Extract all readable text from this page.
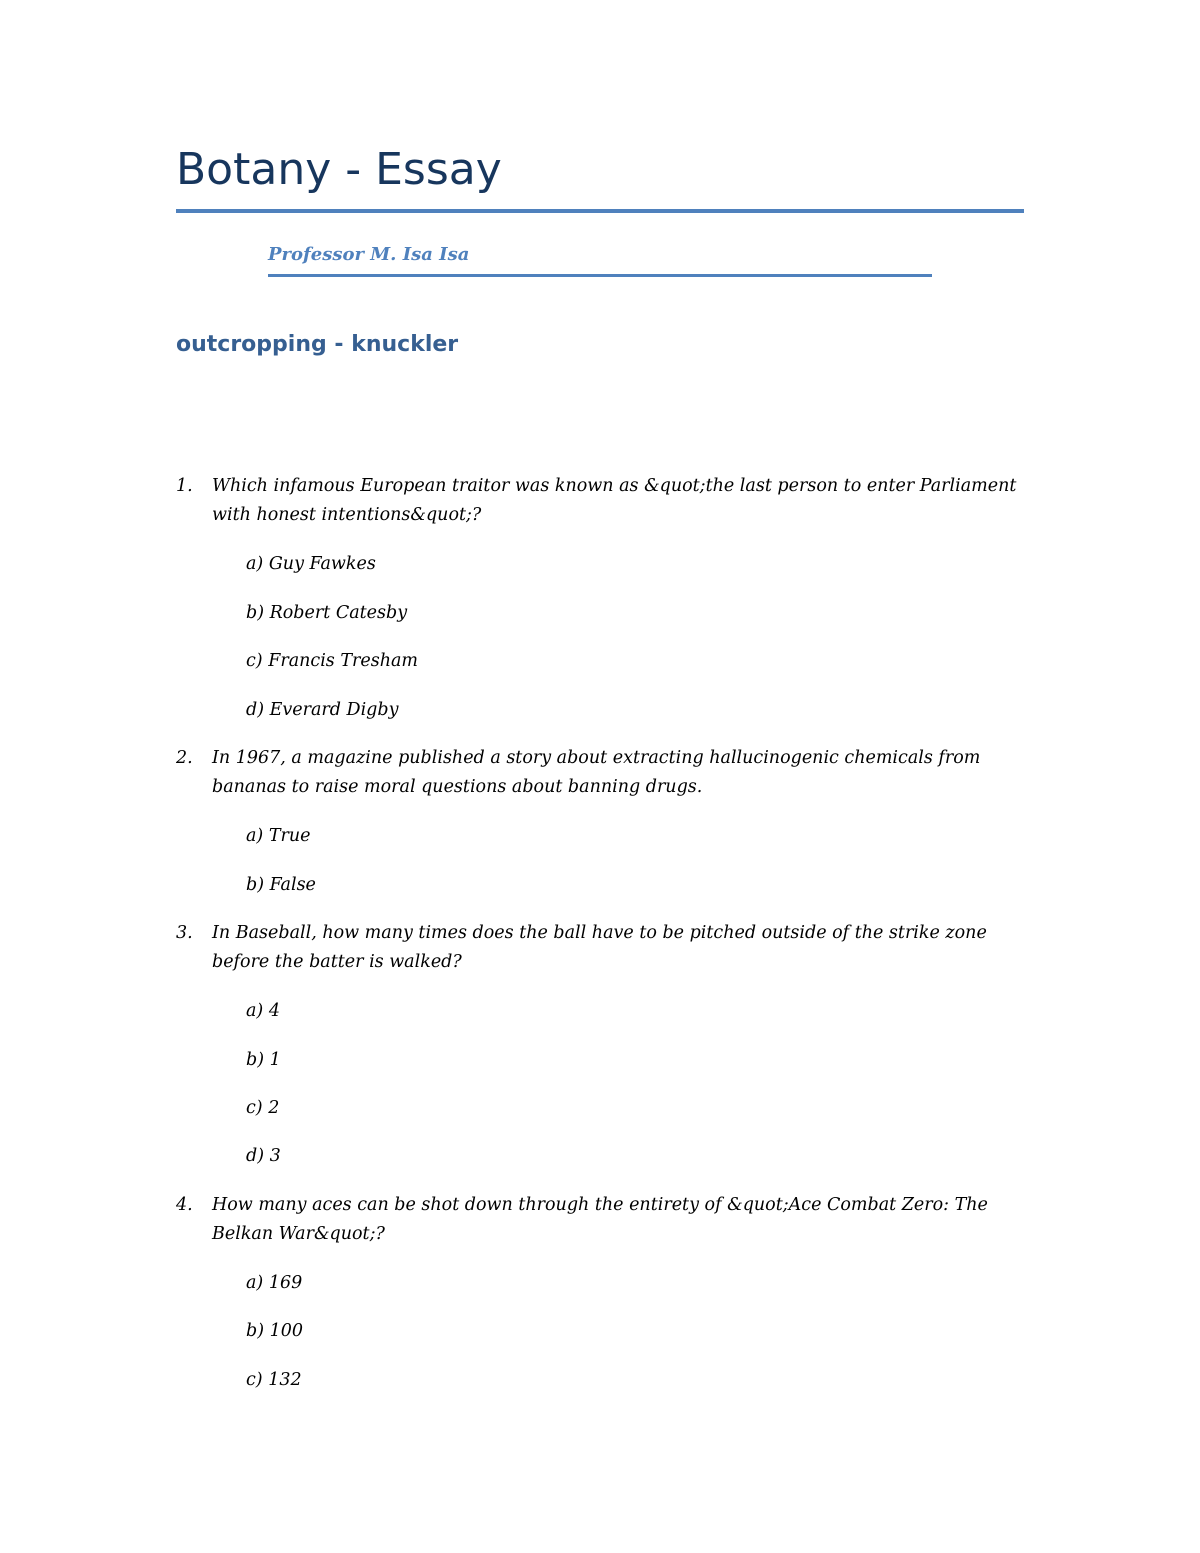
Botany - Essay
Professor M. Isa Isa
outcropping - knuckler
1. Which infamous European traitor was known as &quot;the last person to enter Parliament with honest intentions&quot;?
a) Guy Fawkes
b) Robert Catesby
c) Francis Tresham
d) Everard Digby
2. In 1967, a magazine published a story about extracting hallucinogenic chemicals from bananas to raise moral questions about banning drugs.
a) True
b) False
3. In Baseball, how many times does the ball have to be pitched outside of the strike zone before the batter is walked?
a) 4
b) 1
c) 2
d) 3
4. How many aces can be shot down through the entirety of &quot;Ace Combat Zero: The Belkan War&quot;?
a) 169
b) 100
c) 132
